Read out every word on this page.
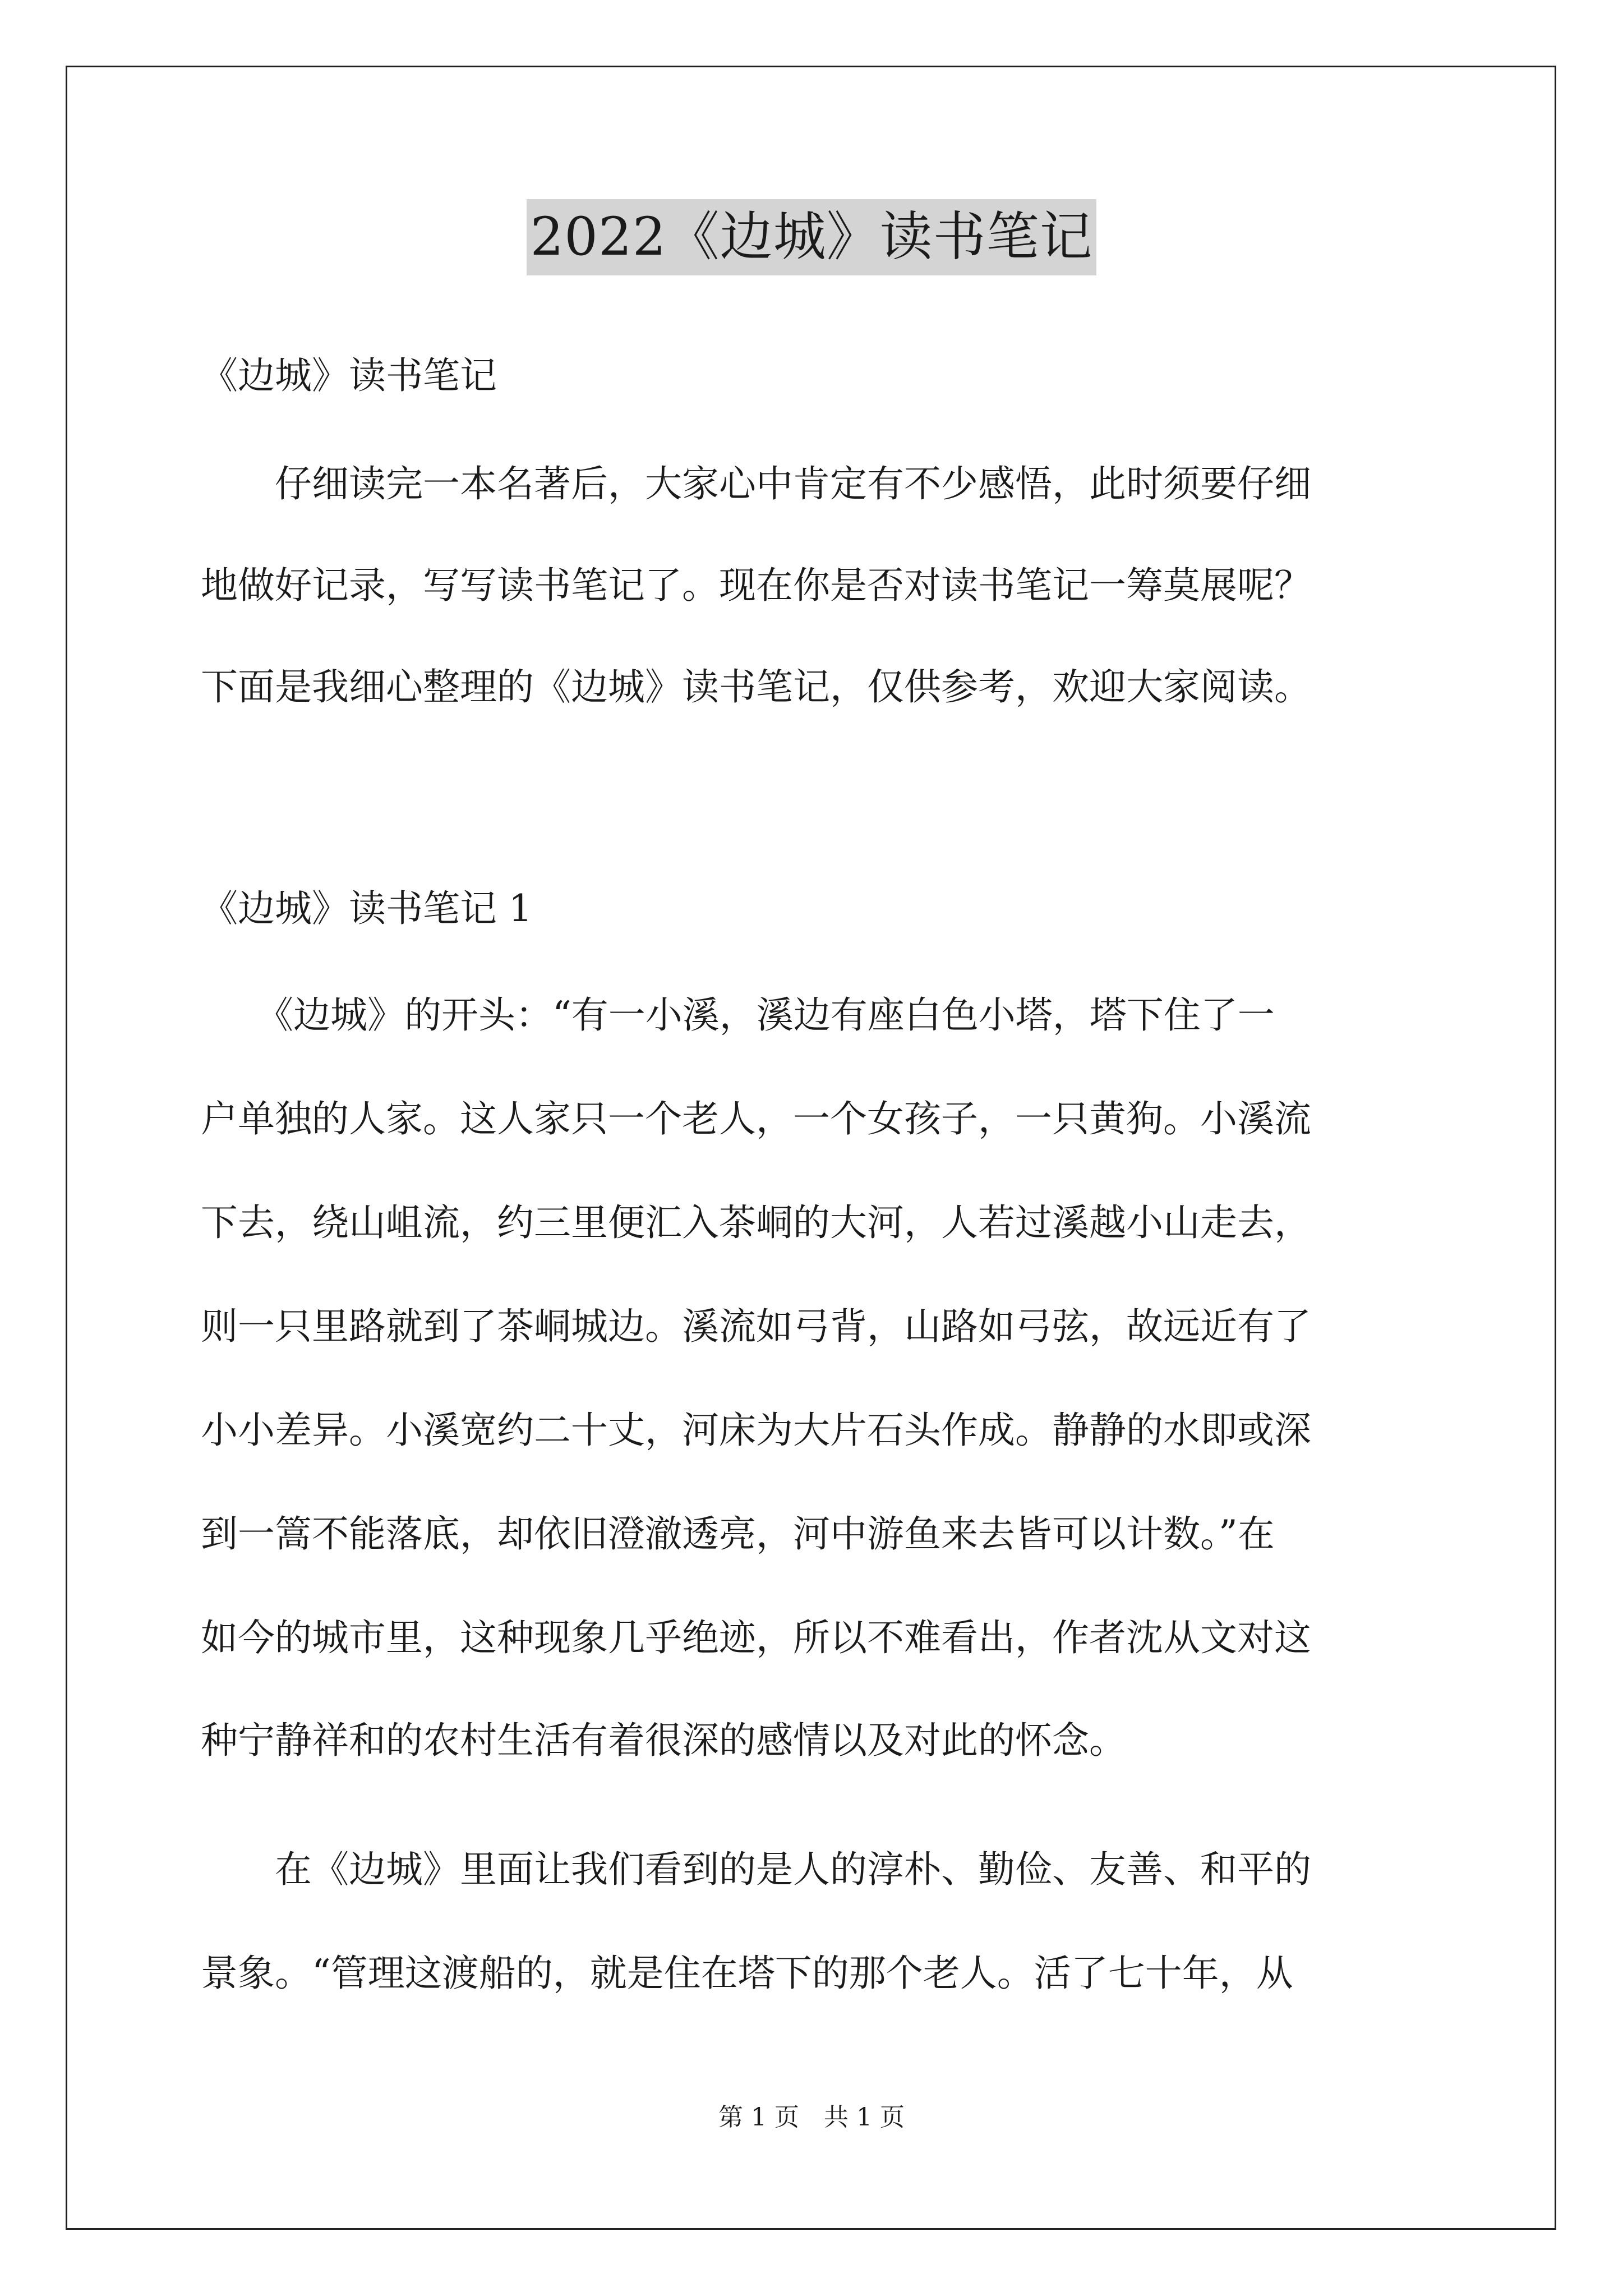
2022《边城》读书笔记
《边城》读书笔记
　　仔细读完一本名著后，大家心中肯定有不少感悟，此时须要仔细
地做好记录，写写读书笔记了。现在你是否对读书笔记一筹莫展呢？
下面是我细心整理的《边城》读书笔记，仅供参考，欢迎大家阅读。
《边城》读书笔记 1
　　《边城》的开头：“有一小溪，溪边有座白色小塔，塔下住了一
户单独的人家。这人家只一个老人，一个女孩子，一只黄狗。小溪流
下去，绕山岨流，约三里便汇入茶峒的大河，人若过溪越小山走去，
则一只里路就到了茶峒城边。溪流如弓背，山路如弓弦，故远近有了
小小差异。小溪宽约二十丈，河床为大片石头作成。静静的水即或深
到一篙不能落底，却依旧澄澈透亮，河中游鱼来去皆可以计数。”在
如今的城市里，这种现象几乎绝迹，所以不难看出，作者沈从文对这
种宁静祥和的农村生活有着很深的感情以及对此的怀念。
　　在《边城》里面让我们看到的是人的淳朴、勤俭、友善、和平的
景象。“管理这渡船的，就是住在塔下的那个老人。活了七十年，从
第 1 页　共 1 页
